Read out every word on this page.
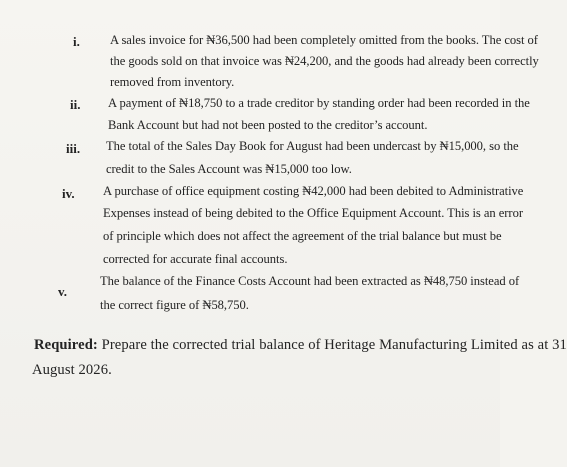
i. A sales invoice for ₦36,500 had been completely omitted from the books. The cost of
the goods sold on that invoice was ₦24,200, and the goods had already been correctly
removed from inventory.
ii. A payment of ₦18,750 to a trade creditor by standing order had been recorded in the
Bank Account but had not been posted to the creditor’s account.
iii. The total of the Sales Day Book for August had been undercast by ₦15,000, so the
credit to the Sales Account was ₦15,000 too low.
iv. A purchase of office equipment costing ₦42,000 had been debited to Administrative
Expenses instead of being debited to the Office Equipment Account. This is an error
of principle which does not affect the agreement of the trial balance but must be
corrected for accurate final accounts.
v.
The balance of the Finance Costs Account had been extracted as ₦48,750 instead of
the correct figure of ₦58,750.
Required: Prepare the corrected trial balance of Heritage Manufacturing Limited as at 31
August 2026.
